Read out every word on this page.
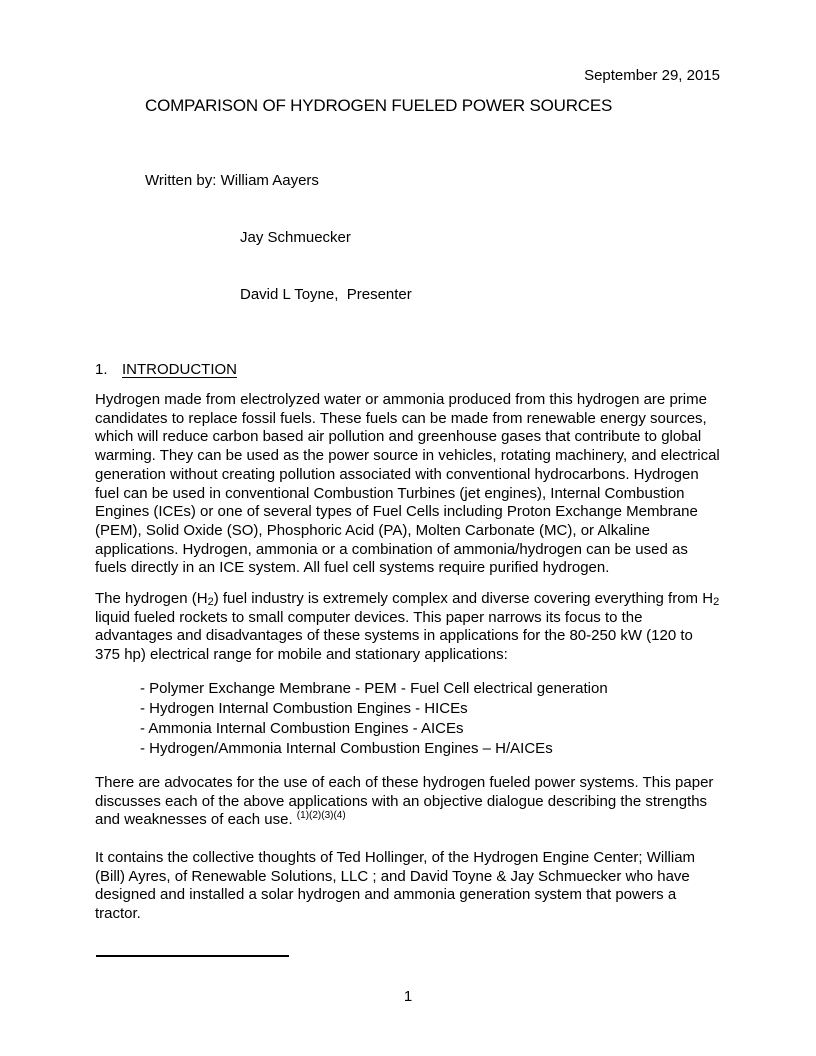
September 29, 2015
COMPARISON OF HYDROGEN FUELED POWER SOURCES

Written by: William Aayers

Jay Schmuecker

David L Toyne,  Presenter

1. INTRODUCTION

Hydrogen made from electrolyzed water or ammonia produced from this hydrogen are prime candidates to replace fossil fuels. These fuels can be made from renewable energy sources, which will reduce carbon based air pollution and greenhouse gases that contribute to global warming. They can be used as the power source in vehicles, rotating machinery, and electrical generation without creating pollution associated with conventional hydrocarbons. Hydrogen fuel can be used in conventional Combustion Turbines (jet engines), Internal Combustion Engines (ICEs) or one of several types of Fuel Cells including Proton Exchange Membrane (PEM), Solid Oxide (SO), Phosphoric Acid (PA), Molten Carbonate (MC), or Alkaline applications. Hydrogen, ammonia or a combination of ammonia/hydrogen can be used as fuels directly in an ICE system. All fuel cell systems require purified hydrogen.

The hydrogen $(H_2)$ fuel industry is extremely complex and diverse covering everything from $H_2$ liquid fueled rockets to small computer devices. This paper narrows its focus to the advantages and disadvantages of these systems in applications for the 80-250 kW (120 to 375 hp) electrical range for mobile and stationary applications:

- Polymer Exchange Membrane - PEM - Fuel Cell electrical generation
- Hydrogen Internal Combustion Engines - HICEs
- Ammonia Internal Combustion Engines - AICEs
- Hydrogen/Ammonia Internal Combustion Engines – H/AICEs

There are advocates for the use of each of these hydrogen fueled power systems. This paper discusses each of the above applications with an objective dialogue describing the strengths and weaknesses of each use. $^{(1)(2)(3)(4)}$

It contains the collective thoughts of Ted Hollinger, of the Hydrogen Engine Center; William (Bill) Ayres, of Renewable Solutions, LLC ; and David Toyne & Jay Schmuecker who have designed and installed a solar hydrogen and ammonia generation system that powers a tractor.

1
